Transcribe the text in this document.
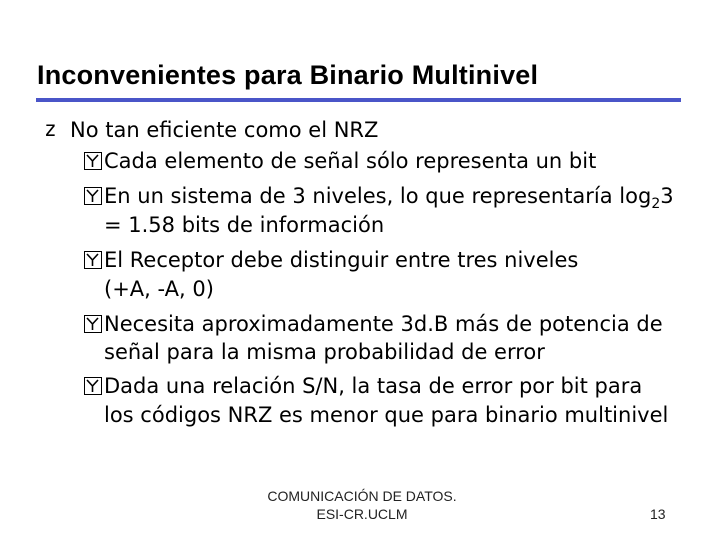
Inconvenientes para Binario Multinivel
z No tan eficiente como el NRZ
Cada elemento de señal sólo representa un bit
En un sistema de 3 niveles, lo que representaría $\log_23$
= 1.58 bits de información
El Receptor debe distinguir entre tres niveles
(+A, -A, 0)
Necesita aproximadamente 3d.B más de potencia de
señal para la misma probabilidad de error
Dada una relación S/N, la tasa de error por bit para
los códigos NRZ es menor que para binario multinivel
COMUNICACIÓN DE DATOS.
ESI-CR.UCLM	13
